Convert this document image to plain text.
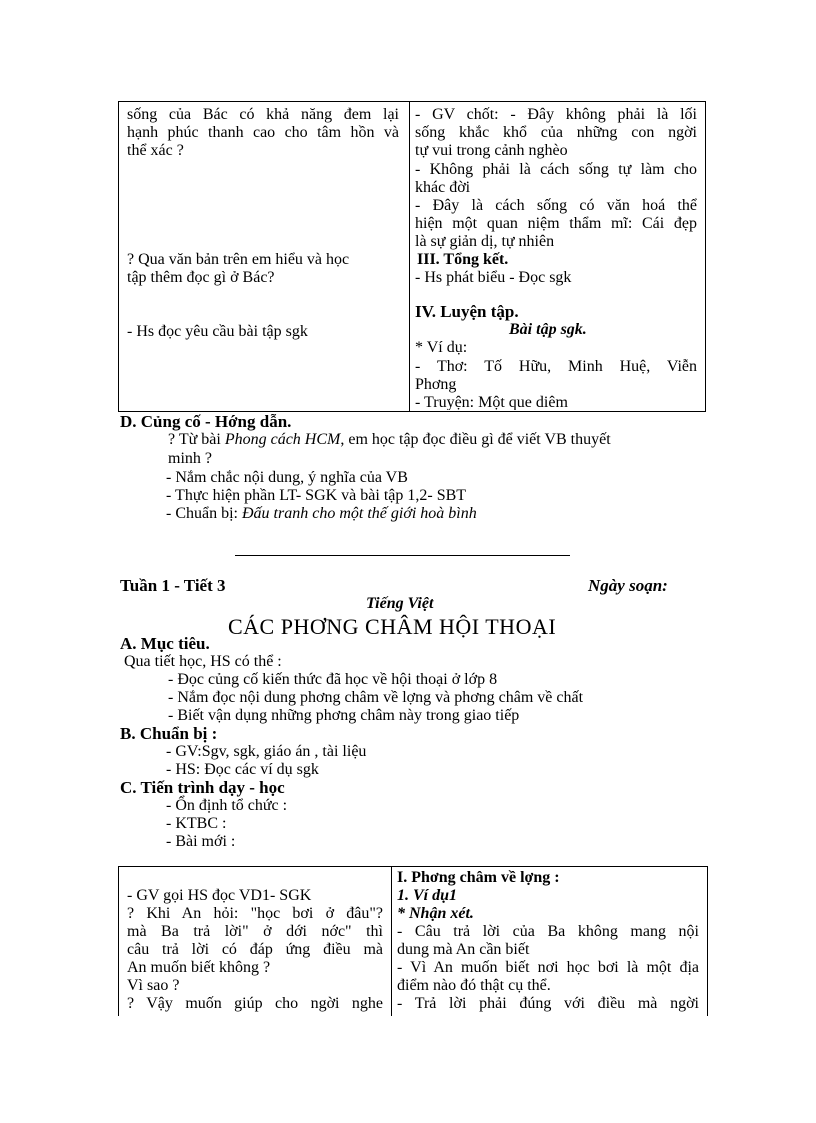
sống của Bác có khả năng đem lại
hạnh phúc thanh cao cho tâm hồn và
thể xác ?
? Qua văn bản trên em hiểu và học
tập thêm đọc gì ở Bác?
- Hs đọc yêu cầu bài tập sgk
- GV chốt: - Đây không phải là lối
sống khắc khổ của những con ngời
tự vui trong cảnh nghèo
- Không phải là cách sống tự làm cho
khác đời
- Đây là cách sống có văn hoá thể
hiện một quan niệm thẩm mĩ: Cái đẹp
là sự giản dị, tự nhiên
III. Tổng kết.
- Hs phát biểu - Đọc sgk
IV. Luyện tập.
Bài tập sgk.
* Ví dụ:
- Thơ: Tố Hữu, Minh Huệ, Viễn
Phơng
- Truyện: Một que diêm
D. Củng cố - Hớng dẫn.
? Từ bài Phong cách HCM, em học tập đọc điều gì để viết VB thuyết
minh ?
- Nắm chắc nội dung, ý nghĩa của VB
- Thực hiện phần LT- SGK và bài tập 1,2- SBT
- Chuẩn bị: Đấu tranh cho một thế giới hoà bình
Tuần 1 - Tiết 3	Ngày soạn:
Tiếng Việt
CÁC PHƠNG CHÂM HỘI THOẠI
A. Mục tiêu.
Qua tiết học, HS có thể :
- Đọc củng cố kiến thức đã học về hội thoại ở lớp 8
- Nắm đọc nội dung phơng châm về lợng và phơng châm về chất
- Biết vận dụng những phơng châm này trong giao tiếp
B. Chuẩn bị :
- GV:Sgv, sgk, giáo án , tài liệu
- HS: Đọc các ví dụ sgk
C. Tiến trình dạy - học
- Ổn định tổ chức :
- KTBC :
- Bài mới :
- GV gọi HS đọc VD1- SGK
? Khi An hỏi: "học bơi ở đâu"?
mà Ba trả lời" ở dới nớc" thì
câu trả lời có đáp ứng điều mà
An muốn biết không ?
Vì sao ?
? Vậy muốn giúp cho ngời nghe
I. Phơng châm về lợng :
1. Ví dụ1
* Nhận xét.
- Câu trả lời của Ba không mang nội
dung mà An cần biết
- Vì An muốn biết nơi học bơi là một địa
điểm nào đó thật cụ thể.
- Trả lời phải đúng với điều mà ngời
